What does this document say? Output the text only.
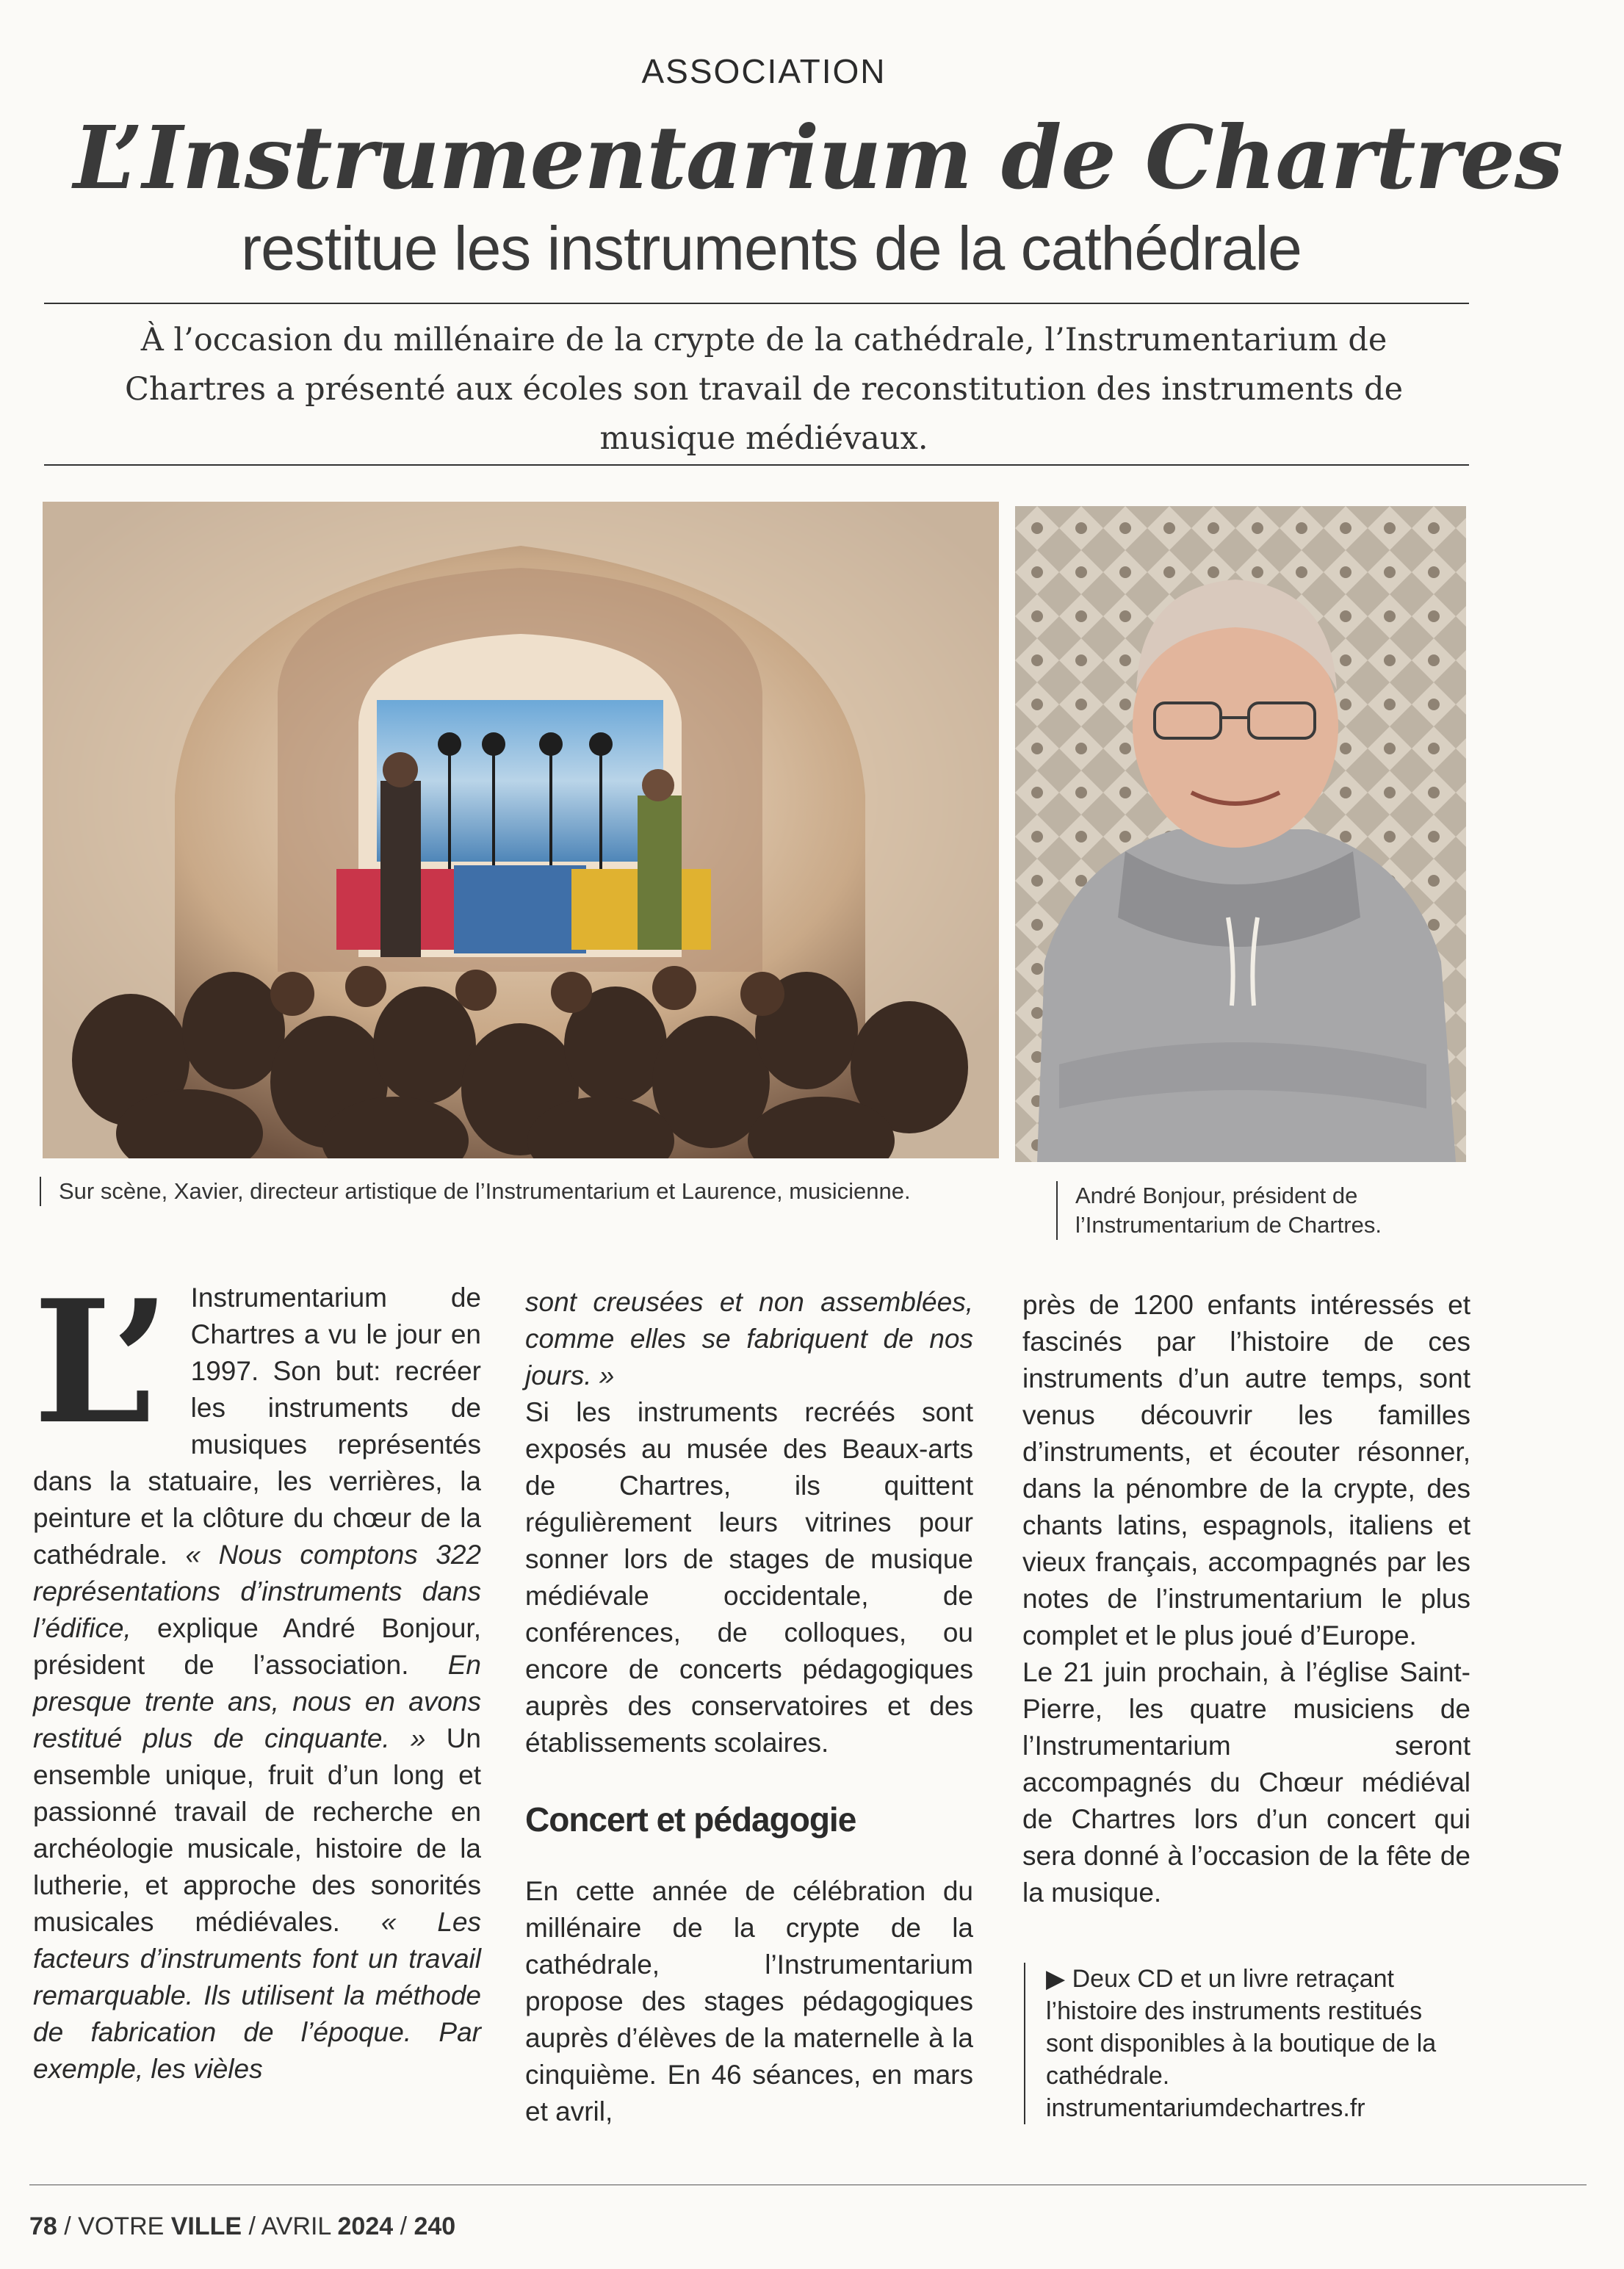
ASSOCIATION
L’Instrumentarium de Chartres
restitue les instruments de la cathédrale
À l’occasion du millénaire de la crypte de la cathédrale, l’Instrumentarium de Chartres a présenté aux écoles son travail de reconstitution des instruments de musique médiévaux.
Sur scène, Xavier, directeur artistique de l’Instrumentarium et Laurence, musicienne.	André Bonjour, président de l’Instrumentarium de Chartres.
L’ Instrumentarium de Chartres a vu le jour en 1997. Son but: recréer les instruments de musiques représentés dans la statuaire, les verrières, la peinture et la clôture du chœur de la cathédrale. « Nous comptons 322 représentations d’instruments dans l’édifice, explique André Bonjour, président de l’association. En presque trente ans, nous en avons restitué plus de cinquante. » Un ensemble unique, fruit d’un long et passionné travail de recherche en archéologie musicale, histoire de la lutherie, et approche des sonorités musicales médiévales. « Les facteurs d’instruments font un travail remarquable. Ils utilisent la méthode de fabrication de l’époque. Par exemple, les vièles

sont creusées et non assemblées, comme elles se fabriquent de nos jours. »

Si les instruments recréés sont exposés au musée des Beaux-arts de Chartres, ils quittent régulièrement leurs vitrines pour sonner lors de stages de musique médiévale occidentale, de conférences, de colloques, ou encore de concerts pédagogiques auprès des conservatoires et des établissements scolaires.

Concert et pédagogie

En cette année de célébration du millénaire de la crypte de la cathédrale, l’Instrumentarium propose des stages pédagogiques auprès d’élèves de la maternelle à la cinquième. En 46 séances, en mars et avril,

près de 1200 enfants intéressés et fascinés par l’histoire de ces instruments d’un autre temps, sont venus découvrir les familles d’instruments, et écouter résonner, dans la pénombre de la crypte, des chants latins, espagnols, italiens et vieux français, accompagnés par les notes de l’instrumentarium le plus complet et le plus joué d’Europe.

Le 21 juin prochain, à l’église Saint-Pierre, les quatre musiciens de l’Instrumentarium seront accompagnés du Chœur médiéval de Chartres lors d’un concert qui sera donné à l’occasion de la fête de la musique.

▶ Deux CD et un livre retraçant l’histoire des instruments restitués sont disponibles à la boutique de la cathédrale.
instrumentariumdechartres.fr
78 / VOTRE VILLE / AVRIL 2024 / 240
